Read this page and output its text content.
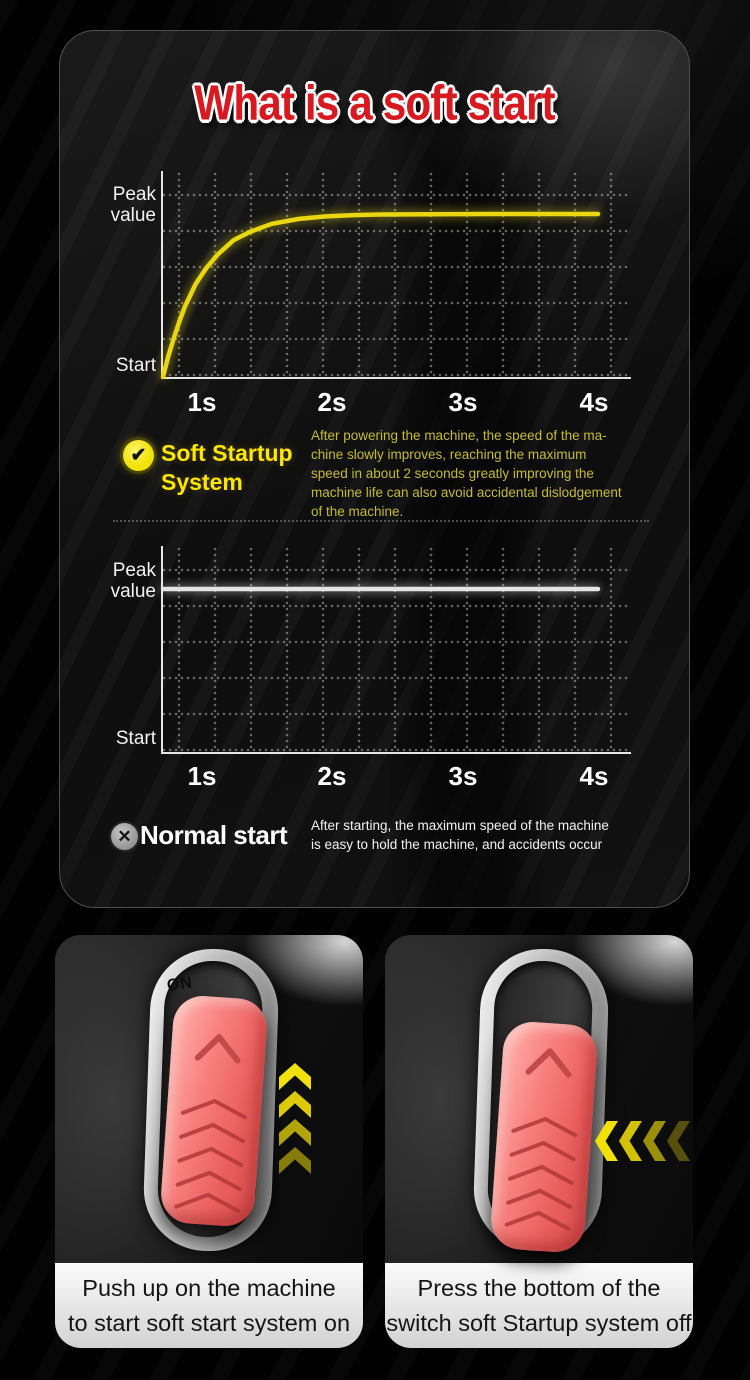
What is a soft start
Peak value
Start
1s	2s	3s	4s
✔ Soft Startup
System
After powering the machine, the speed of the ma-
chine slowly improves, reaching the maximum
speed in about 2 seconds greatly improving the
machine life can also avoid accidental dislodgement
of the machine.
Peak value
Start
1s	2s	3s	4s
✕ Normal start After starting, the maximum speed of the machine
is easy to hold the machine, and accidents occur
ON
Push up on the machine
to start soft start system on
Press the bottom of the
switch soft Startup system off
